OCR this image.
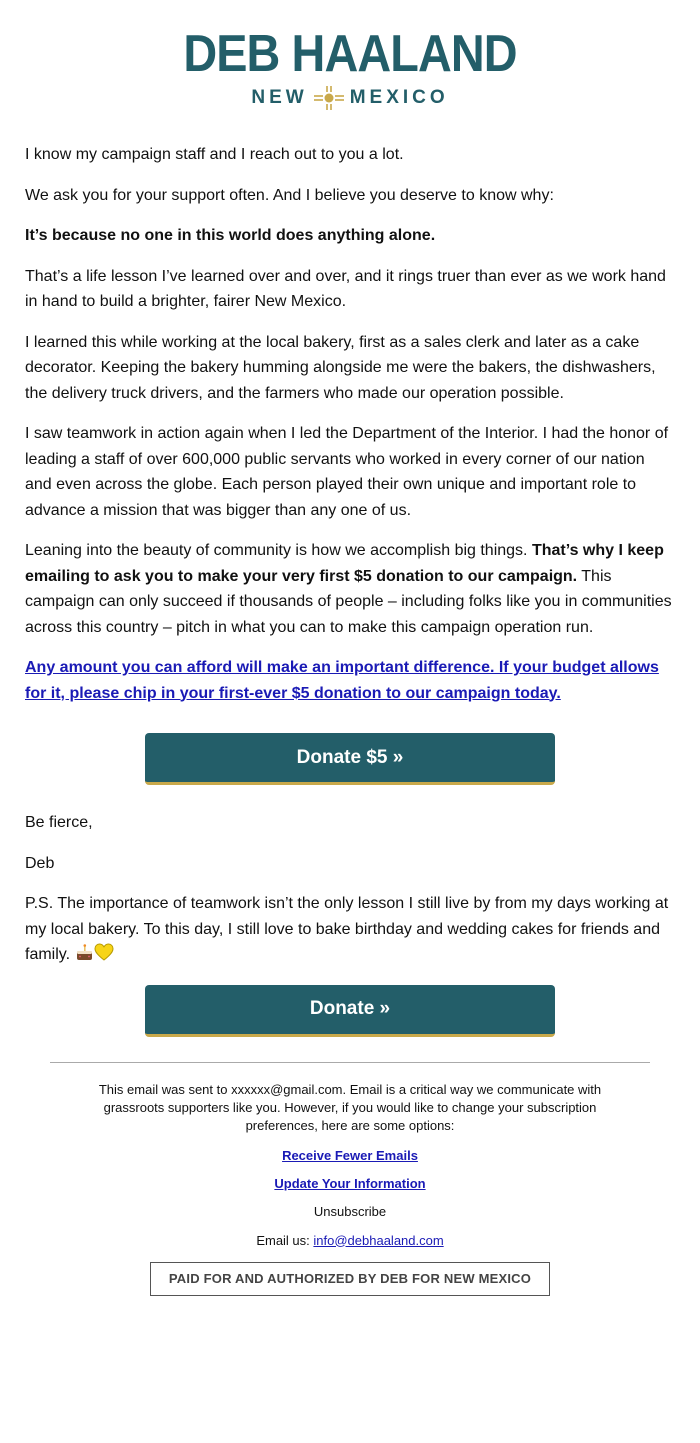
DEB HAALAND
NEW MEXICO

I know my campaign staff and I reach out to you a lot.

We ask you for your support often. And I believe you deserve to know why:

It’s because no one in this world does anything alone.

That’s a life lesson I’ve learned over and over, and it rings truer than ever as we work hand in hand to build a brighter, fairer New Mexico.

I learned this while working at the local bakery, first as a sales clerk and later as a cake decorator. Keeping the bakery humming alongside me were the bakers, the dishwashers, the delivery truck drivers, and the farmers who made our operation possible.

I saw teamwork in action again when I led the Department of the Interior. I had the honor of leading a staff of over 600,000 public servants who worked in every corner of our nation and even across the globe. Each person played their own unique and important role to advance a mission that was bigger than any one of us.

Leaning into the beauty of community is how we accomplish big things. That’s why I keep emailing to ask you to make your very first $5 donation to our campaign. This campaign can only succeed if thousands of people – including folks like you in communities across this country – pitch in what you can to make this campaign operation run.

Any amount you can afford will make an important difference. If your budget allows for it, please chip in your first-ever $5 donation to our campaign today.

Donate $5 »

Be fierce,

Deb

P.S. The importance of teamwork isn’t the only lesson I still live by from my days working at my local bakery. To this day, I still love to bake birthday and wedding cakes for friends and family.

Donate »

This email was sent to xxxxxx@gmail.com. Email is a critical way we communicate with grassroots supporters like you. However, if you would like to change your subscription preferences, here are some options:

Receive Fewer Emails
Update Your Information
Unsubscribe

Email us: info@debhaaland.com

PAID FOR AND AUTHORIZED BY DEB FOR NEW MEXICO
